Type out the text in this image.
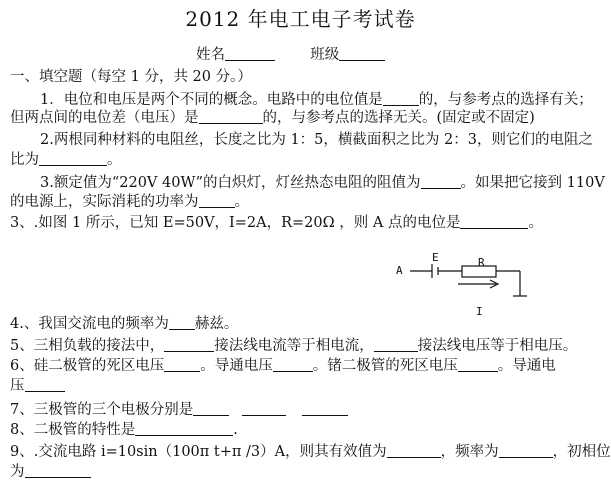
2012 年电工电子考试卷
姓名	班级
一、填空题（每空 1 分，共 20 分。）
1．电位和电压是两个不同的概念。电路中的电位值是 的，与参考点的选择有关；
但两点间的电位差（电压）是	的，与参考点的选择无关。(固定或不固定)
2.两根同种材料的电阻丝，长度之比为 1：5，横截面积之比为 2：3，则它们的电阻之
比为	。
3.额定值为“220V 40W”的白炽灯，灯丝热态电阻的阻值为	。如果把它接到 110V
的电源上，实际消耗的功率为 。
3、.如图 1 所示，已知 E=50V，I=2A，R=20Ω ，则 A 点的电位是	。
A
E	R
I
4.、我国交流电的频率为 赫兹。
5、三相负载的接法中，	接法线电流等于相电流，	接法线电压等于相电压。
6、硅二极管的死区电压 。导通电压	。锗二极管的死区电压	。导通电
压
7、三极管的三个电极分别是
8、二极管的特性是	.
9、.交流电路 i=10sin（100π t+π /3）A，则其有效值为	，频率为	，初相位
为
